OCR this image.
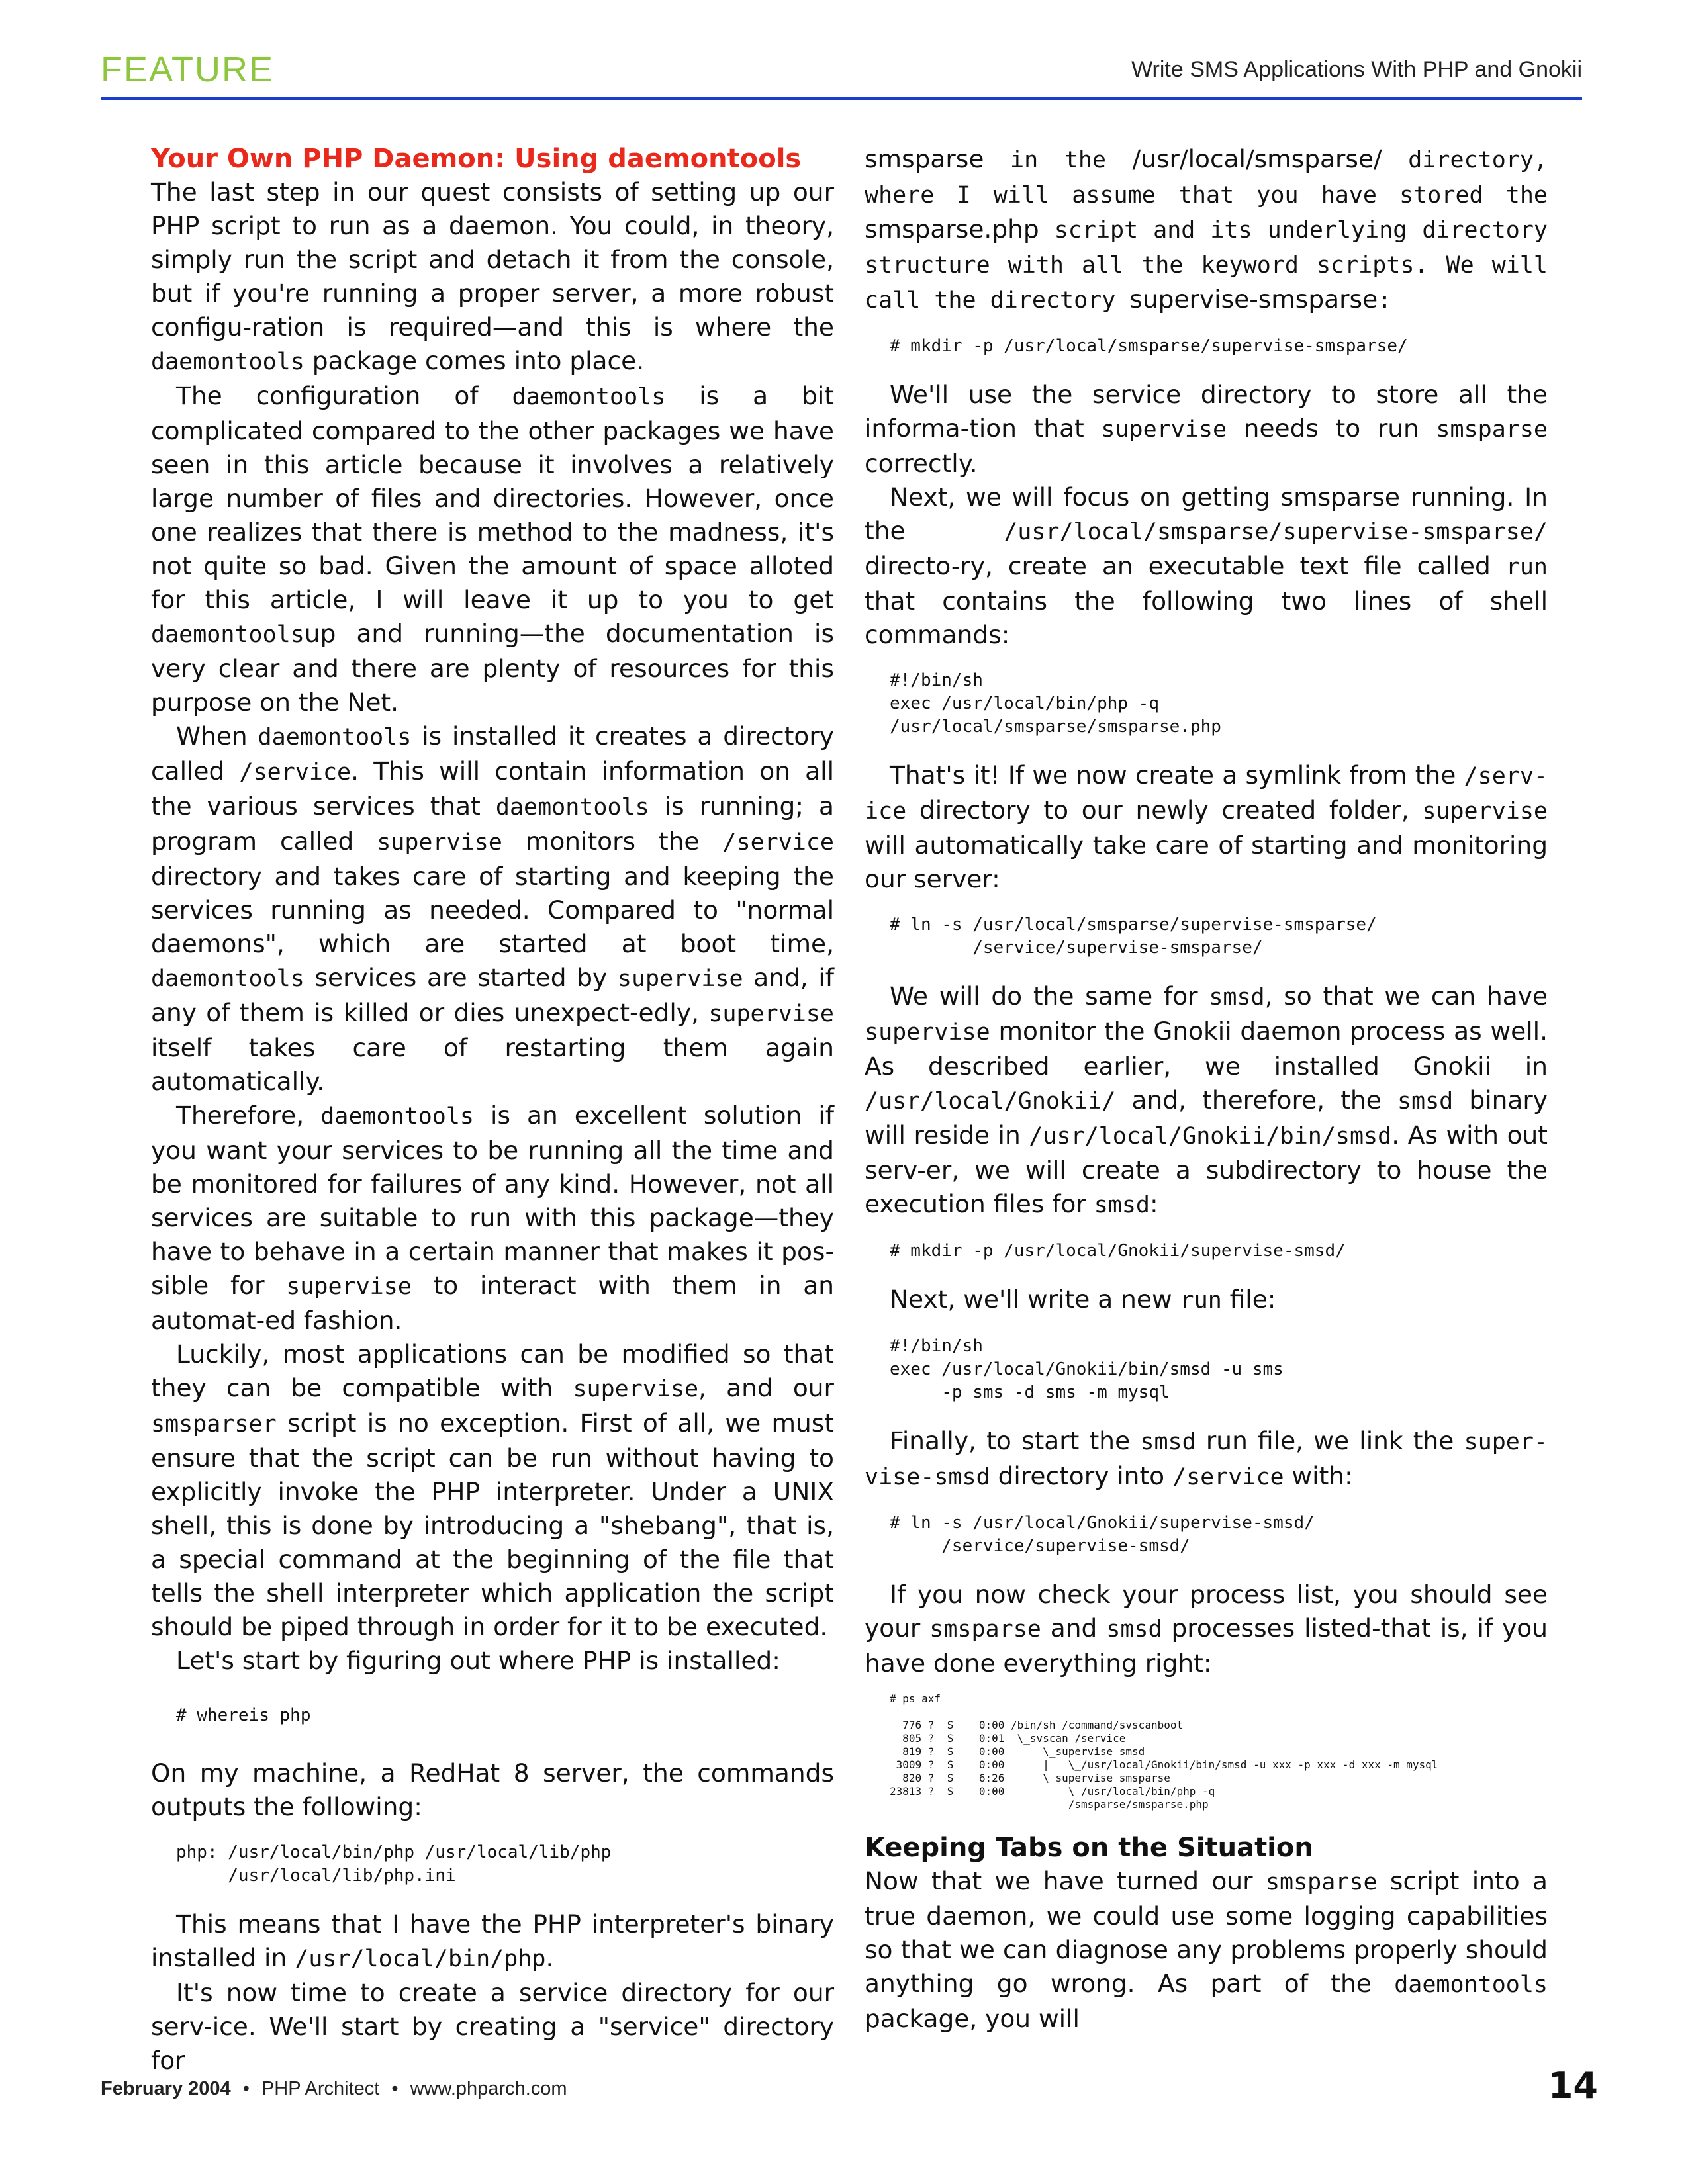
FEATURE	Write SMS Applications With PHP and Gnokii
Your Own PHP Daemon: Using daemontools

The last step in our quest consists of setting up our PHP script to run as a daemon. You could, in theory, simply run the script and detach it from the console, but if you're running a proper server, a more robust configu-ration is required—and this is where the daemontools package comes into place.

The configuration of daemontools is a bit complicated compared to the other packages we have seen in this article because it involves a relatively large number of files and directories. However, once one realizes that there is method to the madness, it's not quite so bad. Given the amount of space alloted for this article, I will leave it up to you to get daemontoolsup and running—the documentation is very clear and there are plenty of resources for this purpose on the Net.

When daemontools is installed it creates a directory called /service. This will contain information on all the various services that daemontools is running; a program called supervise monitors the /service directory and takes care of starting and keeping the services running as needed. Compared to "normal daemons", which are started at boot time, daemontools services are started by supervise and, if any of them is killed or dies unexpect-edly, supervise itself takes care of restarting them again automatically.

Therefore, daemontools is an excellent solution if you want your services to be running all the time and be monitored for failures of any kind. However, not all services are suitable to run with this package—they have to behave in a certain manner that makes it pos-sible for supervise to interact with them in an automat-ed fashion.

Luckily, most applications can be modified so that they can be compatible with supervise, and our smsparser script is no exception. First of all, we must ensure that the script can be run without having to explicitly invoke the PHP interpreter. Under a UNIX shell, this is done by introducing a "shebang", that is, a special command at the beginning of the file that tells the shell interpreter which application the script should be piped through in order for it to be executed.

Let's start by figuring out where PHP is installed:

# whereis php

On my machine, a RedHat 8 server, the commands outputs the following:

php: /usr/local/bin/php /usr/local/lib/php
/usr/local/lib/php.ini

This means that I have the PHP interpreter's binary installed in /usr/local/bin/php.

It's now time to create a service directory for our serv-ice. We'll start by creating a "service" directory for

smsparse in the /usr/local/smsparse/ directory, where I will assume that you have stored the smsparse.php script and its underlying directory structure with all the keyword scripts. We will call the directory supervise-smsparse:

# mkdir -p /usr/local/smsparse/supervise-smsparse/

We'll use the service directory to store all the informa-tion that supervise needs to run smsparse correctly.

Next, we will focus on getting smsparse running. In the /usr/local/smsparse/supervise-smsparse/ directo-ry, create an executable text file called run that contains the following two lines of shell commands:

#!/bin/sh
exec /usr/local/bin/php -q
/usr/local/smsparse/smsparse.php

That's it! If we now create a symlink from the /serv-ice directory to our newly created folder, supervise will automatically take care of starting and monitoring our server:

# ln -s /usr/local/smsparse/supervise-smsparse/
/service/supervise-smsparse/

We will do the same for smsd, so that we can have supervise monitor the Gnokii daemon process as well. As described earlier, we installed Gnokii in /usr/local/Gnokii/ and, therefore, the smsd binary will reside in /usr/local/Gnokii/bin/smsd. As with out serv-er, we will create a subdirectory to house the execution files for smsd:

# mkdir -p /usr/local/Gnokii/supervise-smsd/

Next, we'll write a new run file:

#!/bin/sh
exec /usr/local/Gnokii/bin/smsd -u sms
-p sms -d sms -m mysql

Finally, to start the smsd run file, we link the super-vise-smsd directory into /service with:

# ln -s /usr/local/Gnokii/supervise-smsd/
/service/supervise-smsd/

If you now check your process list, you should see your smsparse and smsd processes listed-that is, if you have done everything right:

# ps axf

776 ?  S    0:00 /bin/sh /command/svscanboot
805 ?  S    0:01  \_svscan /service
819 ?  S    0:00      \_supervise smsd
3009 ?  S    0:00      |   \_/usr/local/Gnokii/bin/smsd -u xxx -p xxx -d xxx -m mysql
820 ?  S    6:26      \_supervise smsparse
23813 ?  S    0:00          \_/usr/local/bin/php -q
/smsparse/smsparse.php
Keeping Tabs on the Situation

Now that we have turned our smsparse script into a true daemon, we could use some logging capabilities so that we can diagnose any problems properly should anything go wrong. As part of the daemontools package, you will

February 2004 • PHP Architect • www.phparch.com	14
